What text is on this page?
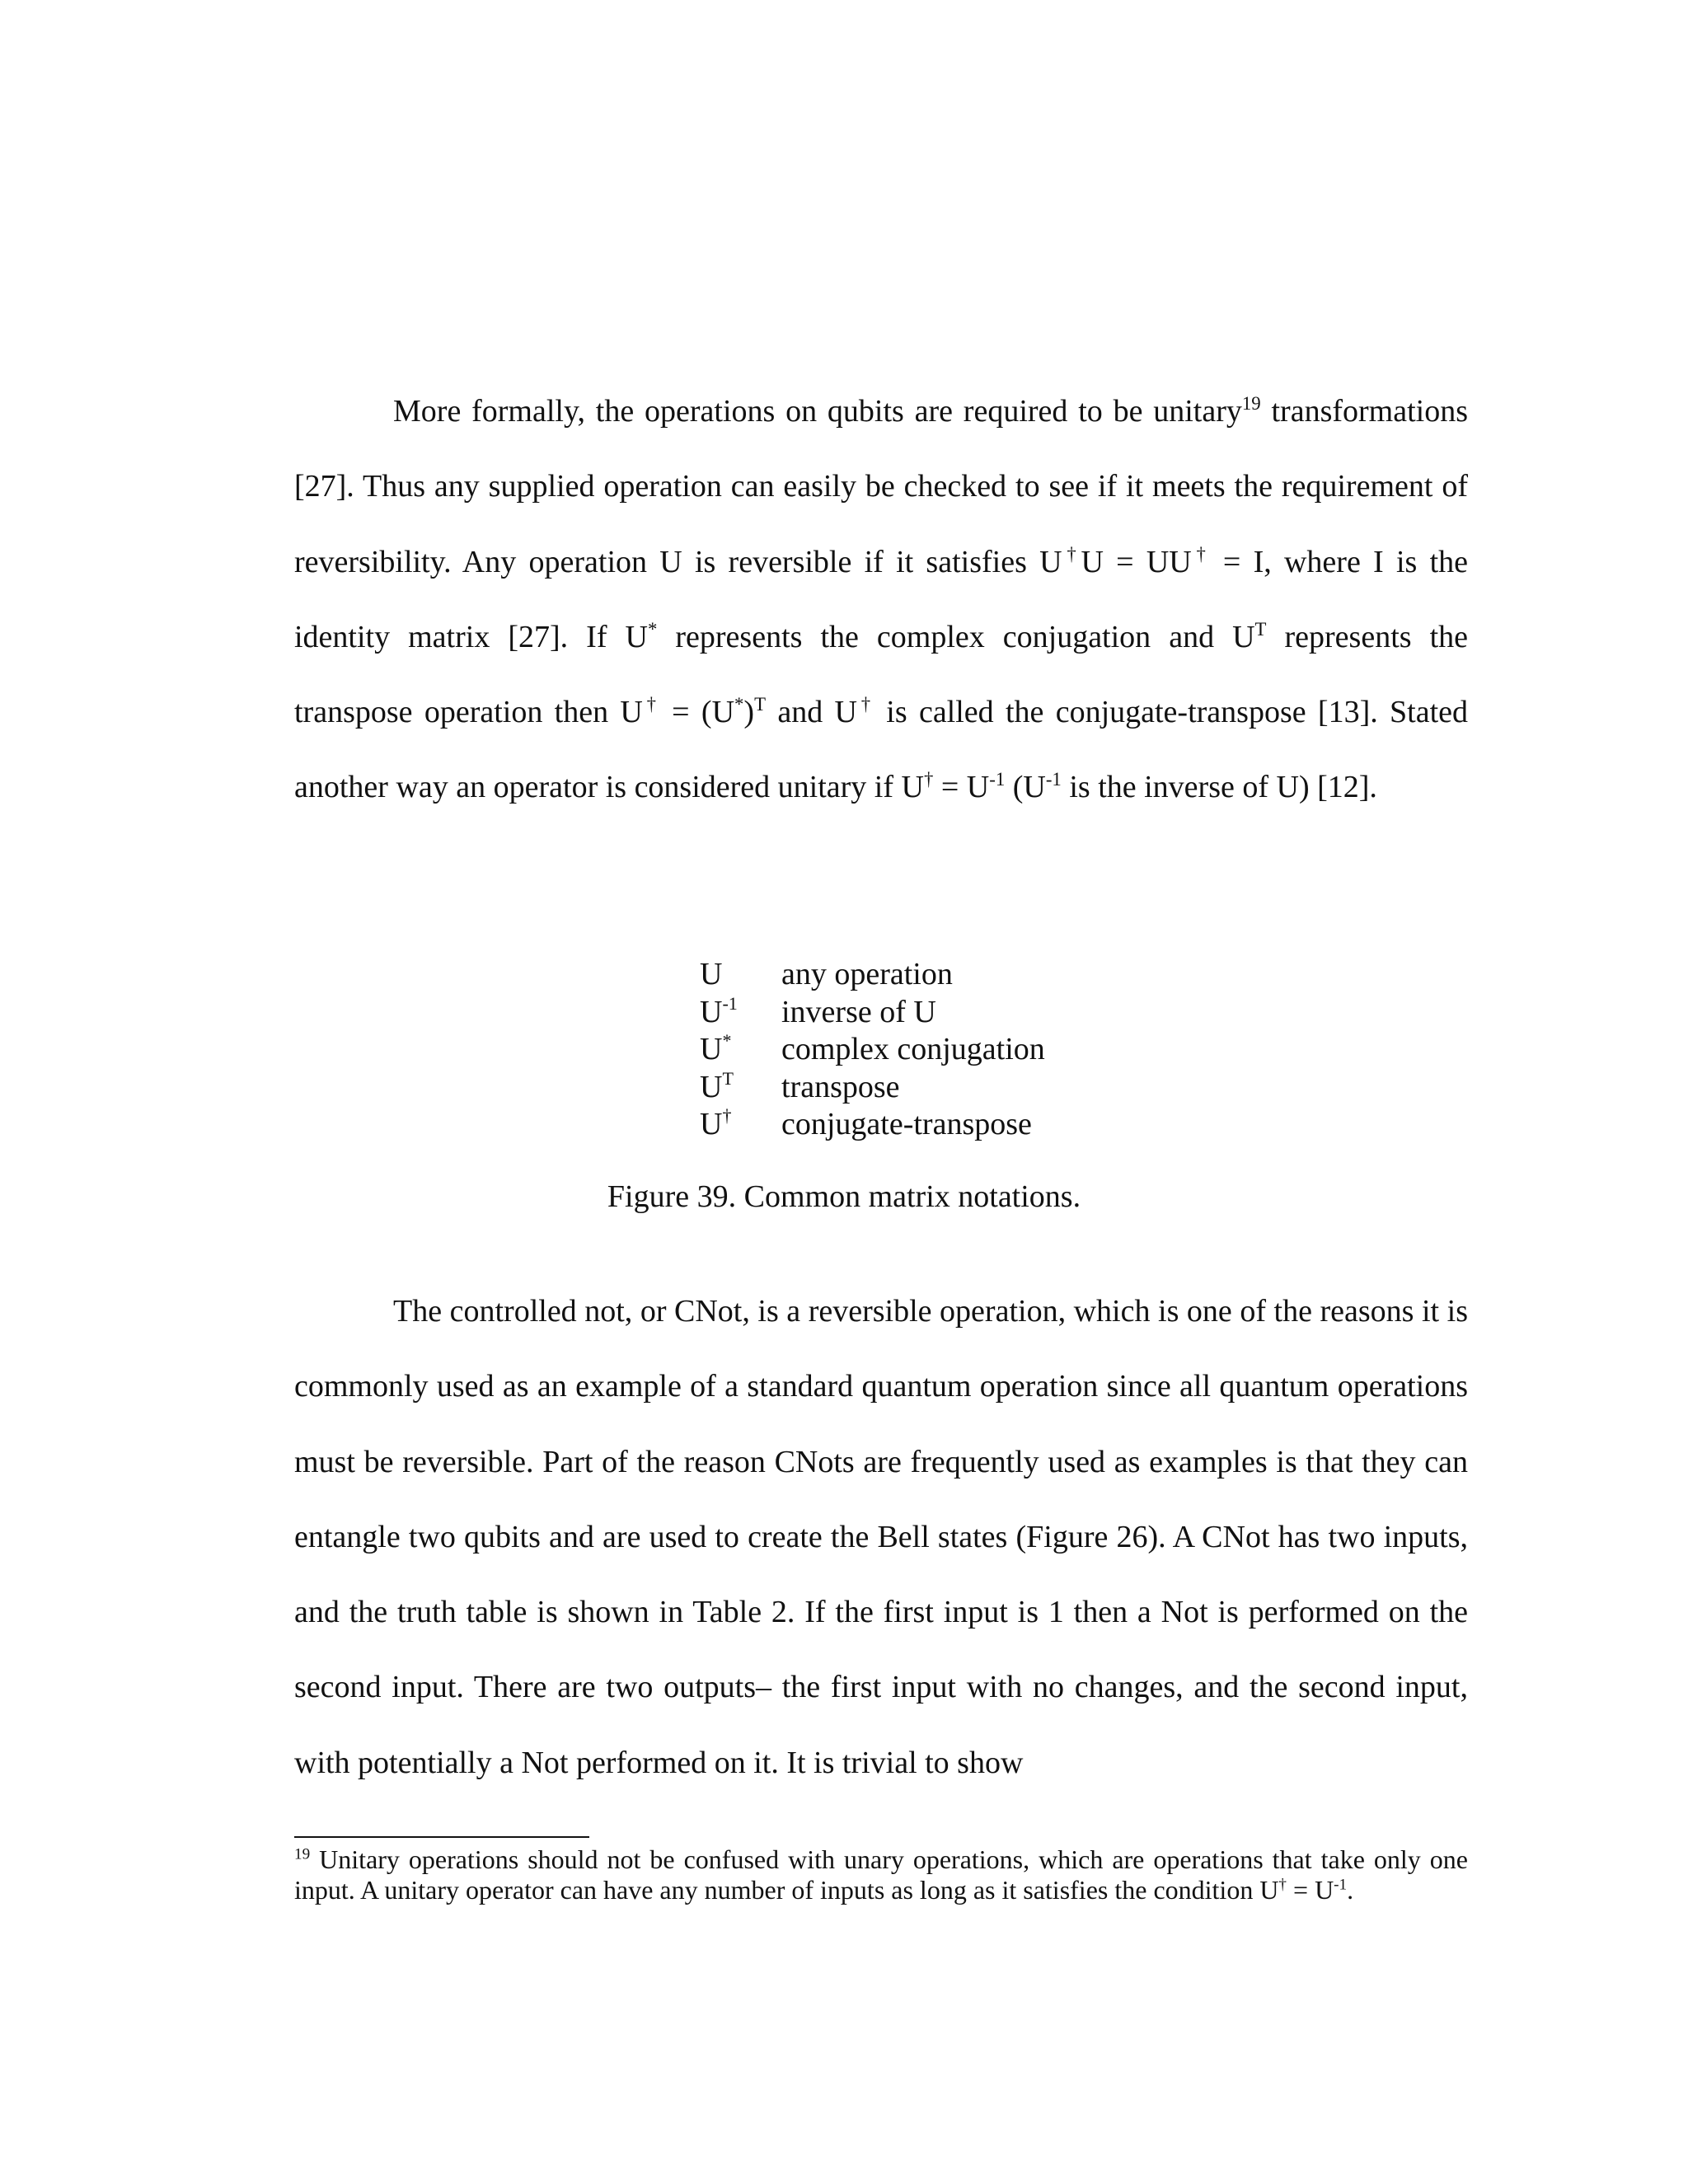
More formally, the operations on qubits are required to be unitary$^{19}$ transformations [27]. Thus any supplied operation can easily be checked to see if it meets the requirement of reversibility. Any operation U is reversible if it satisfies U†U = UU† = I, where I is the identity matrix [27]. If U* represents the complex conjugation and $U^T$ represents the transpose operation then $U^\dagger = (U^*)^T$ and U† is called the conjugate-transpose [13]. Stated another way an operator is considered unitary if $U^\dagger = U^{-1}$ ($U^{-1}$ is the inverse of U) [12].
U	any operation
$U^{-1}$	inverse of U
U*	complex conjugation
$U^T$	transpose
U†	conjugate-transpose
Figure 39. Common matrix notations.
The controlled not, or CNot, is a reversible operation, which is one of the reasons it is commonly used as an example of a standard quantum operation since all quantum operations must be reversible. Part of the reason CNots are frequently used as examples is that they can entangle two qubits and are used to create the Bell states (Figure 26). A CNot has two inputs, and the truth table is shown in Table 2. If the first input is 1 then a Not is performed on the second input. There are two outputs– the first input with no changes, and the second input, with potentially a Not performed on it. It is trivial to show
$^{19}$ Unitary operations should not be confused with unary operations, which are operations that take only one input. A unitary operator can have any number of inputs as long as it satisfies the condition $U^\dagger = U^{-1}$.
